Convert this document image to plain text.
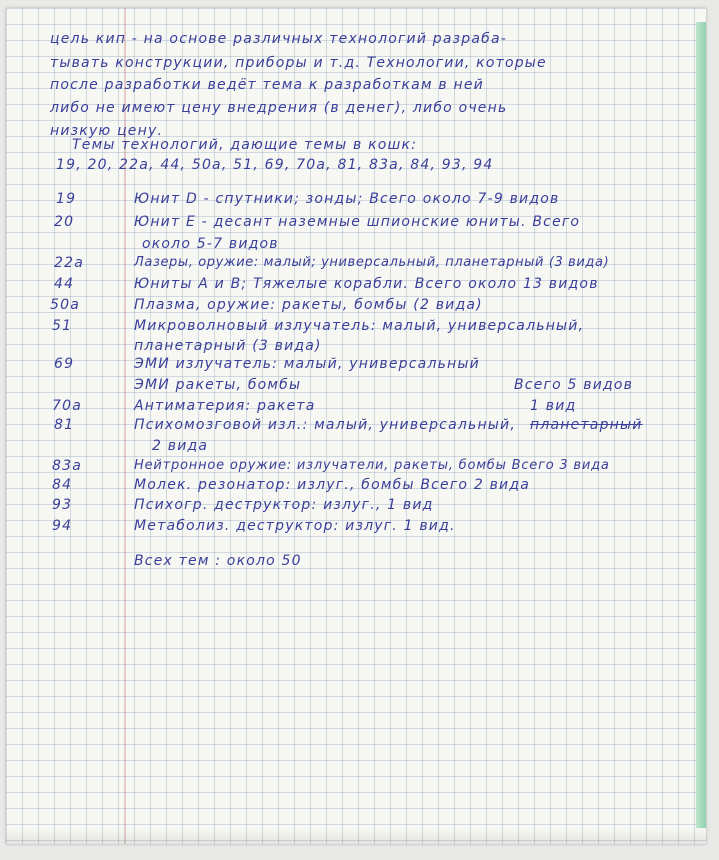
цель кип - на основе различных технологий разраба-
тывать конструкции, приборы и т.д. Технологии, которые
после разработки ведёт тема к разработкам в ней
либо не имеют цену внедрения (в денег), либо очень
низкую цену.
Темы технологий, дающие темы в кошк:
19, 20, 22a, 44, 50a, 51, 69, 70a, 81, 83a, 84, 93, 94
19	Юнит D - спутники; зонды; Всего около 7-9 видов
20	Юнит Е - десант наземные шпионские юниты. Всего
около 5-7 видов
22a	Лазеры, оружие: малый; универсальный, планетарный (3 вида)
44	Юниты А и В; Тяжелые корабли. Всего около 13 видов
50a	Плазма, оружие: ракеты, бомбы (2 вида)
51	Микроволновый излучатель: малый, универсальный,
планетарный (3 вида)
69	ЭМИ излучатель: малый, универсальный
ЭМИ ракеты, бомбы	Всего 5 видов
70a	Антиматерия: ракета	1 вид
81	Психомозговой изл.: малый, универсальный, планетарный
2 вида
83a	Нейтронное оружие: излучатели, ракеты, бомбы Всего 3 вида
84	Молек. резонатор: излуг., бомбы Всего 2 вида
93	Психогр. деструктор: излуг., 1 вид
94	Метаболиз. деструктор: излуг. 1 вид.
Всех тем : около 50
